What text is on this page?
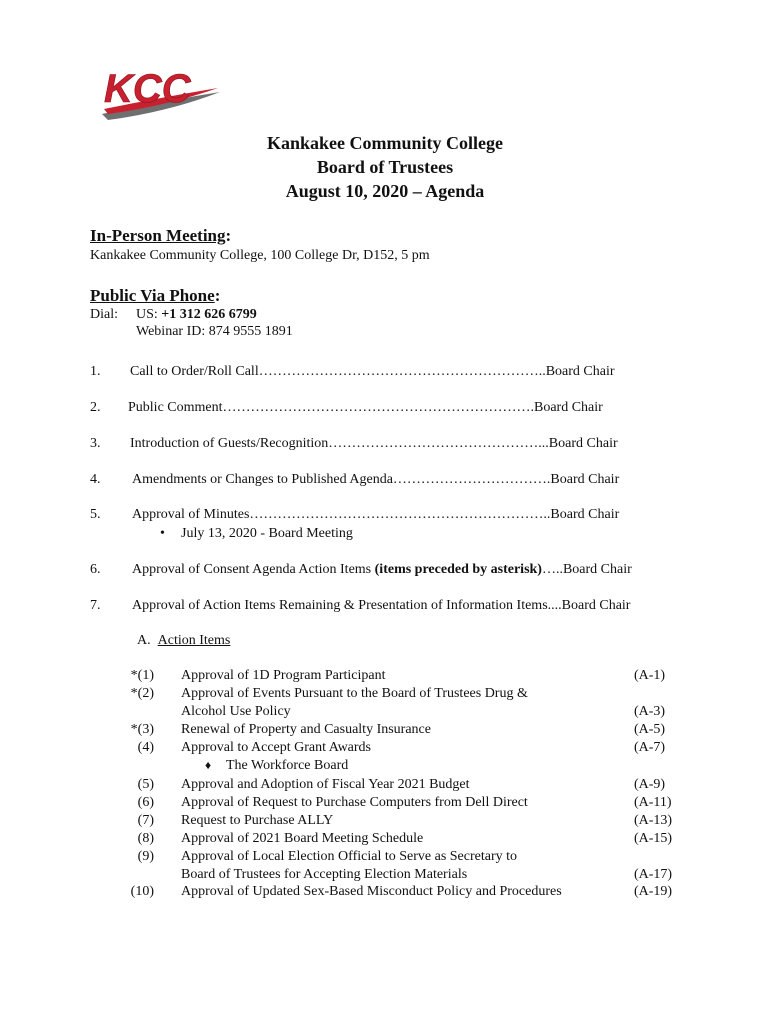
KCC
Kankakee Community College
Board of Trustees
August 10, 2020 – Agenda
In-Person Meeting:
Kankakee Community College, 100 College Dr, D152, 5 pm
Public Via Phone:
Dial: US: +1 312 626 6799
Webinar ID: 874 9555 1891
1. Call to Order/Roll Call……………………………………………………..Board Chair
2. Public Comment………………………………………………………….Board Chair
3. Introduction of Guests/Recognition………………………………………...Board Chair
4. Amendments or Changes to Published Agenda…………………………….Board Chair
5. Approval of Minutes………………………………………………………..Board Chair
• July 13, 2020 - Board Meeting
6. Approval of Consent Agenda Action Items (items preceded by asterisk)…..Board Chair
7. Approval of Action Items Remaining & Presentation of Information Items....Board Chair
A. Action Items
*(1) Approval of 1D Program Participant	(A-1)
*(2) Approval of Events Pursuant to the Board of Trustees Drug &
Alcohol Use Policy	(A-3)
*(3) Renewal of Property and Casualty Insurance	(A-5)
(4) Approval to Accept Grant Awards	(A-7)
♦ The Workforce Board
(5) Approval and Adoption of Fiscal Year 2021 Budget	(A-9)
(6) Approval of Request to Purchase Computers from Dell Direct	(A-11)
(7) Request to Purchase ALLY	(A-13)
(8) Approval of 2021 Board Meeting Schedule	(A-15)
(9) Approval of Local Election Official to Serve as Secretary to
Board of Trustees for Accepting Election Materials	(A-17)
(10) Approval of Updated Sex-Based Misconduct Policy and Procedures	(A-19)
